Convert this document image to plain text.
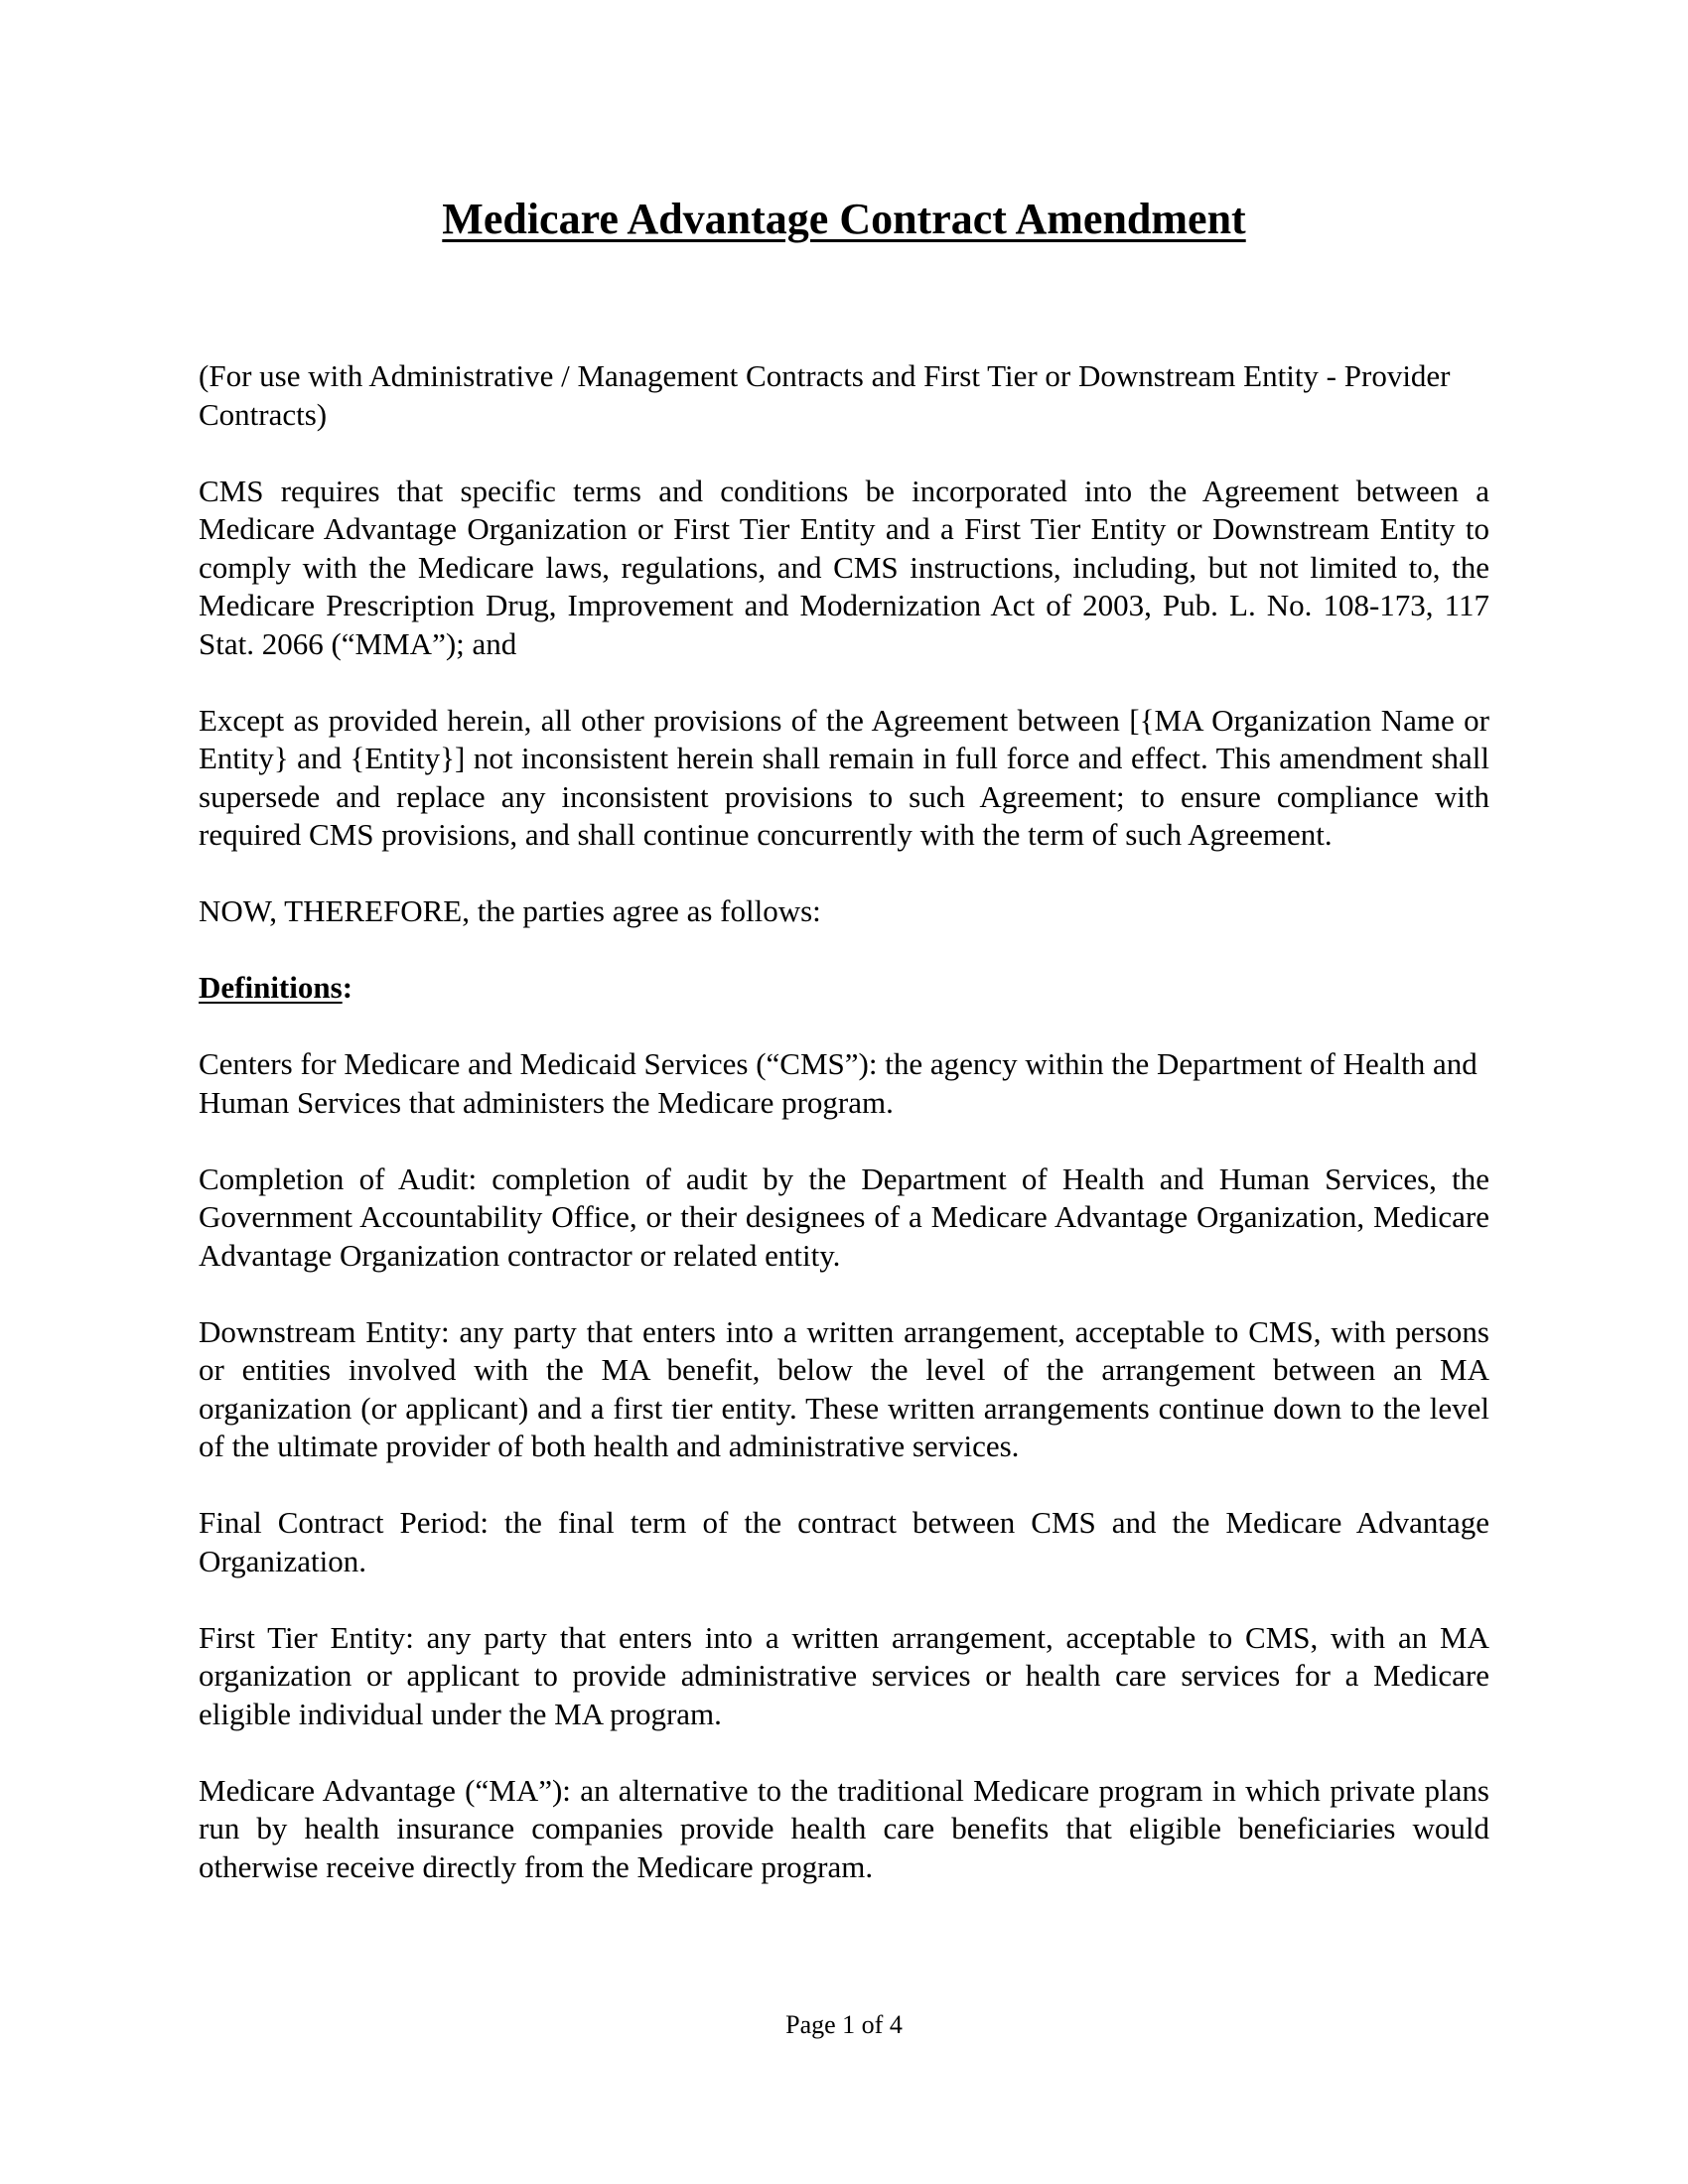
Medicare Advantage Contract Amendment

(For use with Administrative / Management Contracts and First Tier or Downstream Entity - Provider Contracts)

CMS requires that specific terms and conditions be incorporated into the Agreement between a Medicare Advantage Organization or First Tier Entity and a First Tier Entity or Downstream Entity to comply with the Medicare laws, regulations, and CMS instructions, including, but not limited to, the Medicare Prescription Drug, Improvement and Modernization Act of 2003, Pub. L. No. 108-173, 117 Stat. 2066 (“MMA”); and

Except as provided herein, all other provisions of the Agreement between [{MA Organization Name or Entity} and {Entity}] not inconsistent herein shall remain in full force and effect. This amendment shall supersede and replace any inconsistent provisions to such Agreement; to ensure compliance with required CMS provisions, and shall continue concurrently with the term of such Agreement.

NOW, THEREFORE, the parties agree as follows:

Definitions:

Centers for Medicare and Medicaid Services (“CMS”): the agency within the Department of Health and Human Services that administers the Medicare program.

Completion of Audit: completion of audit by the Department of Health and Human Services, the Government Accountability Office, or their designees of a Medicare Advantage Organization, Medicare Advantage Organization contractor or related entity.

Downstream Entity: any party that enters into a written arrangement, acceptable to CMS, with persons or entities involved with the MA benefit, below the level of the arrangement between an MA organization (or applicant) and a first tier entity. These written arrangements continue down to the level of the ultimate provider of both health and administrative services.

Final Contract Period: the final term of the contract between CMS and the Medicare Advantage Organization.

First Tier Entity: any party that enters into a written arrangement, acceptable to CMS, with an MA organization or applicant to provide administrative services or health care services for a Medicare eligible individual under the MA program.

Medicare Advantage (“MA”): an alternative to the traditional Medicare program in which private plans run by health insurance companies provide health care benefits that eligible beneficiaries would otherwise receive directly from the Medicare program.

Page 1 of 4
